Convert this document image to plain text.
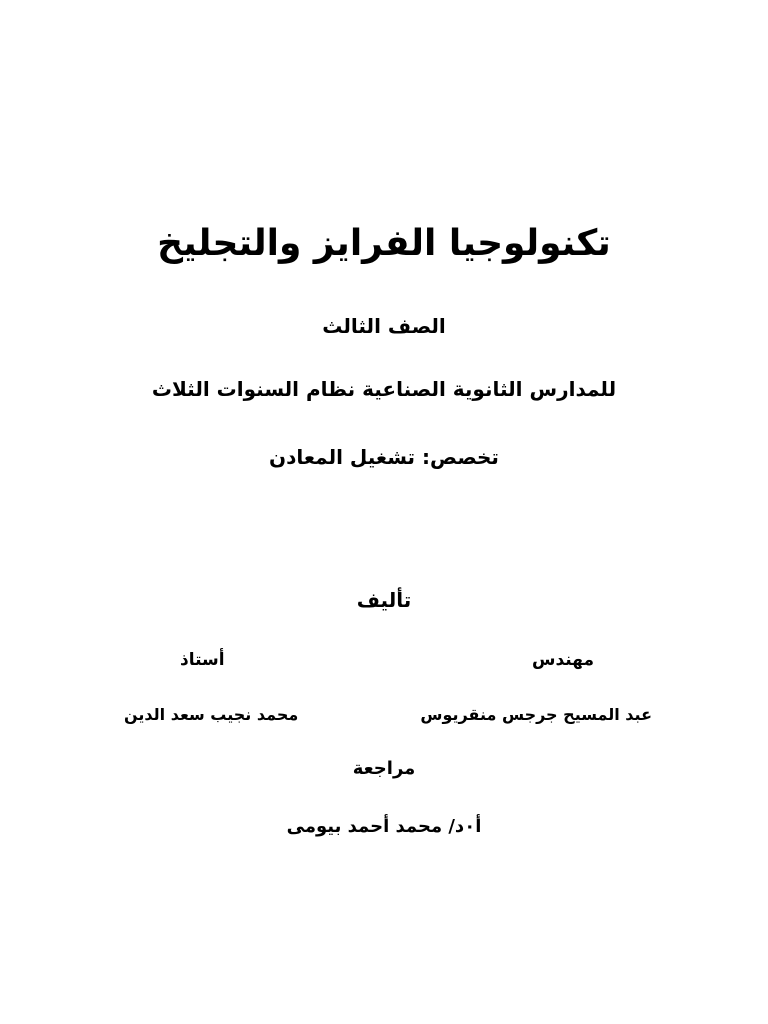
تكنولوجيا الفرايز والتجليخ
الصف الثالث
للمدارس الثانوية الصناعية نظام السنوات الثلاث
تخصص: تشغيل المعادن
تأليف
مهندس
أستاذ
عبد المسيح جرجس منقريوس
محمد نجيب سعد الدين
مراجعة
أ٠د/ محمد أحمد بيومى
